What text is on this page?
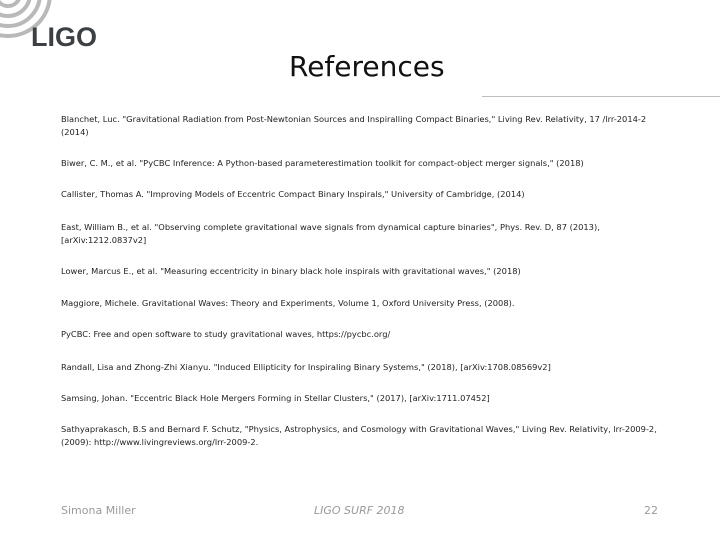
LIGO
References
Blanchet, Luc. "Gravitational Radiation from Post-Newtonian Sources and Inspiralling Compact Binaries," Living Rev. Relativity, 17 /lrr-2014-2 (2014)
Biwer, C. M., et al. "PyCBC Inference: A Python-based parameterestimation toolkit for compact-object merger signals," (2018)
Callister, Thomas A. "Improving Models of Eccentric Compact Binary Inspirals," University of Cambridge, (2014)
East, William B., et al. "Observing complete gravitational wave signals from dynamical capture binaries", Phys. Rev. D, 87 (2013), [arXiv:1212.0837v2]
Lower, Marcus E., et al. "Measuring eccentricity in binary black hole inspirals with gravitational waves," (2018)
Maggiore, Michele. Gravitational Waves: Theory and Experiments, Volume 1, Oxford University Press, (2008).
PyCBC: Free and open software to study gravitational waves, https://pycbc.org/
Randall, Lisa and Zhong-Zhi Xianyu. "Induced Ellipticity for Inspiraling Binary Systems," (2018), [arXiv:1708.08569v2]
Samsing, Johan. "Eccentric Black Hole Mergers Forming in Stellar Clusters," (2017), [arXiv:1711.07452]
Sathyaprakasch, B.S and Bernard F. Schutz, "Physics, Astrophysics, and Cosmology with Gravitational Waves," Living Rev. Relativity, lrr-2009-2, (2009): http://www.livingreviews.org/lrr-2009-2.
Simona Miller	LIGO SURF 2018	22
